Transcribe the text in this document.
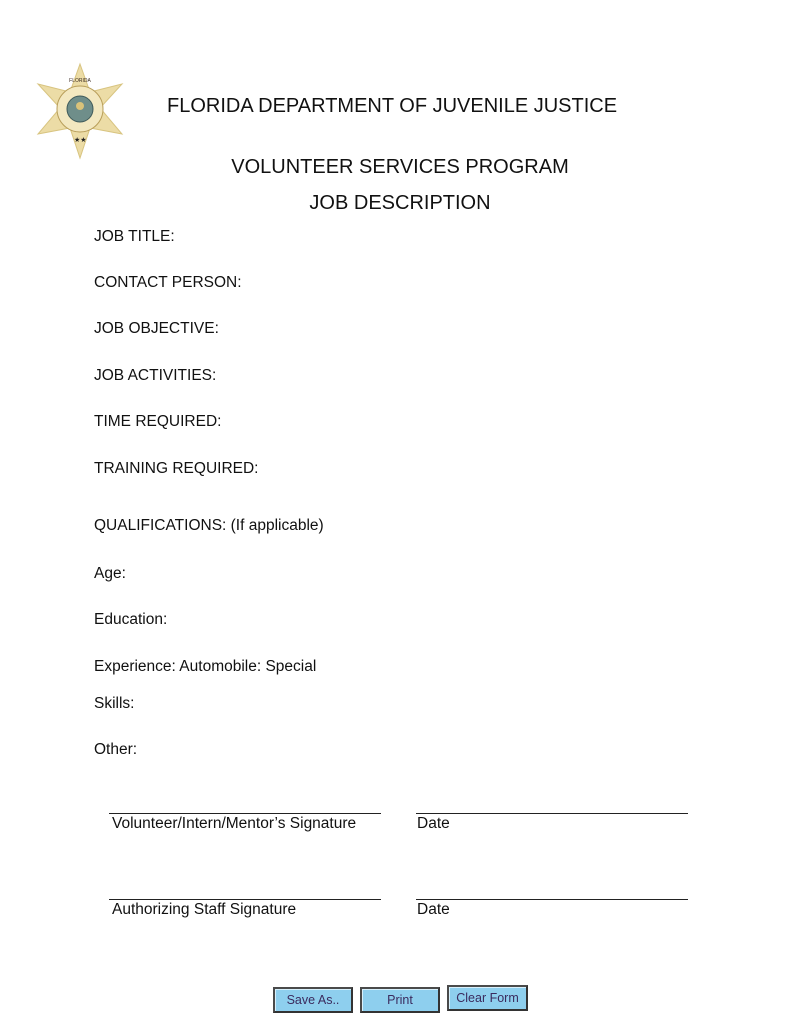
FLORIDA
★★
FLORIDA DEPARTMENT OF JUVENILE JUSTICE
VOLUNTEER SERVICES PROGRAM
JOB DESCRIPTION
JOB TITLE:
CONTACT PERSON:
JOB OBJECTIVE:
JOB ACTIVITIES:
TIME REQUIRED:
TRAINING REQUIRED:
QUALIFICATIONS: (If applicable)
Age:
Education:
Experience: Automobile: Special
Skills:
Other:
Volunteer/Intern/Mentor’s Signature	Date
Authorizing Staff Signature	Date
Save As..	Print	Clear Form
